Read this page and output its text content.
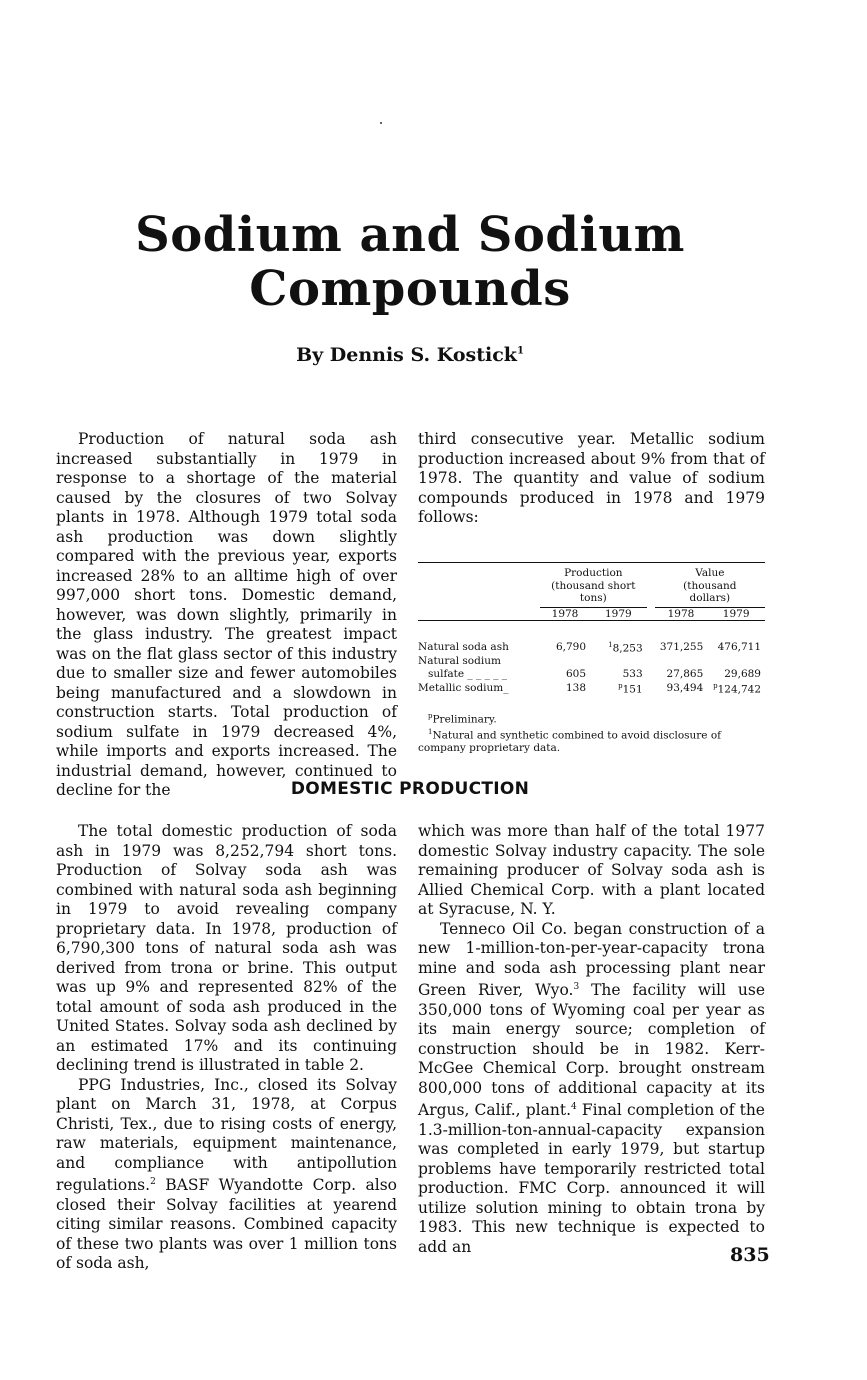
Sodium and Sodium
Compounds
By Dennis S. Kostick$^1$

Production of natural soda ash increased substantially in 1979 in response to a shortage of the material caused by the closures of two Solvay plants in 1978. Although 1979 total soda ash production was down slightly compared with the previous year, exports increased 28% to an alltime high of over 997,000 short tons. Domestic demand, however, was down slightly, primarily in the glass industry. The greatest impact was on the flat glass sector of this industry due to smaller size and fewer automobiles being manufactured and a slowdown in construction starts. Total production of sodium sulfate in 1979 decreased 4%, while imports and exports increased. The industrial demand, however, continued to decline for the

third consecutive year. Metallic sodium production increased about 9% from that of 1978. The quantity and value of sodium compounds produced in 1978 and 1979 follows:

	Production (thousand short tons)			Value (thousand dollars)	

	1978	1979		1978	1979

Natural soda ash	6,790	$^1$8,253		371,255	476,711
Natural sodium					
sulfate _ _ _ _ _	605	533		27,865	29,689
Metallic sodium_	138	$^p$151		93,494	$^p$124,742
$^p$Preliminary.
$^1$Natural and synthetic combined to avoid disclosure of company proprietary data.
DOMESTIC PRODUCTION

The total domestic production of soda ash in 1979 was 8,252,794 short tons. Production of Solvay soda ash was combined with natural soda ash beginning in 1979 to avoid revealing company proprietary data. In 1978, production of 6,790,300 tons of natural soda ash was derived from trona or brine. This output was up 9% and represented 82% of the total amount of soda ash produced in the United States. Solvay soda ash declined by an estimated 17% and its continuing declining trend is illustrated in table 2.

PPG Industries, Inc., closed its Solvay plant on March 31, 1978, at Corpus Christi, Tex., due to rising costs of energy, raw materials, equipment maintenance, and compliance with antipollution regulations.$^2$ BASF Wyandotte Corp. also closed their Solvay facilities at yearend citing similar reasons. Combined capacity of these two plants was over 1 million tons of soda ash,

which was more than half of the total 1977 domestic Solvay industry capacity. The sole remaining producer of Solvay soda ash is Allied Chemical Corp. with a plant located at Syracuse, N. Y.

Tenneco Oil Co. began construction of a new 1-million-ton-per-year-capacity trona mine and soda ash processing plant near Green River, Wyo.$^3$ The facility will use 350,000 tons of Wyoming coal per year as its main energy source; completion of construction should be in 1982. Kerr-McGee Chemical Corp. brought onstream 800,000 tons of additional capacity at its Argus, Calif., plant.$^4$ Final completion of the 1.3-million-ton-annual-capacity expansion was completed in early 1979, but startup problems have temporarily restricted total production. FMC Corp. announced it will utilize solution mining to obtain trona by 1983. This new technique is expected to add an	835
